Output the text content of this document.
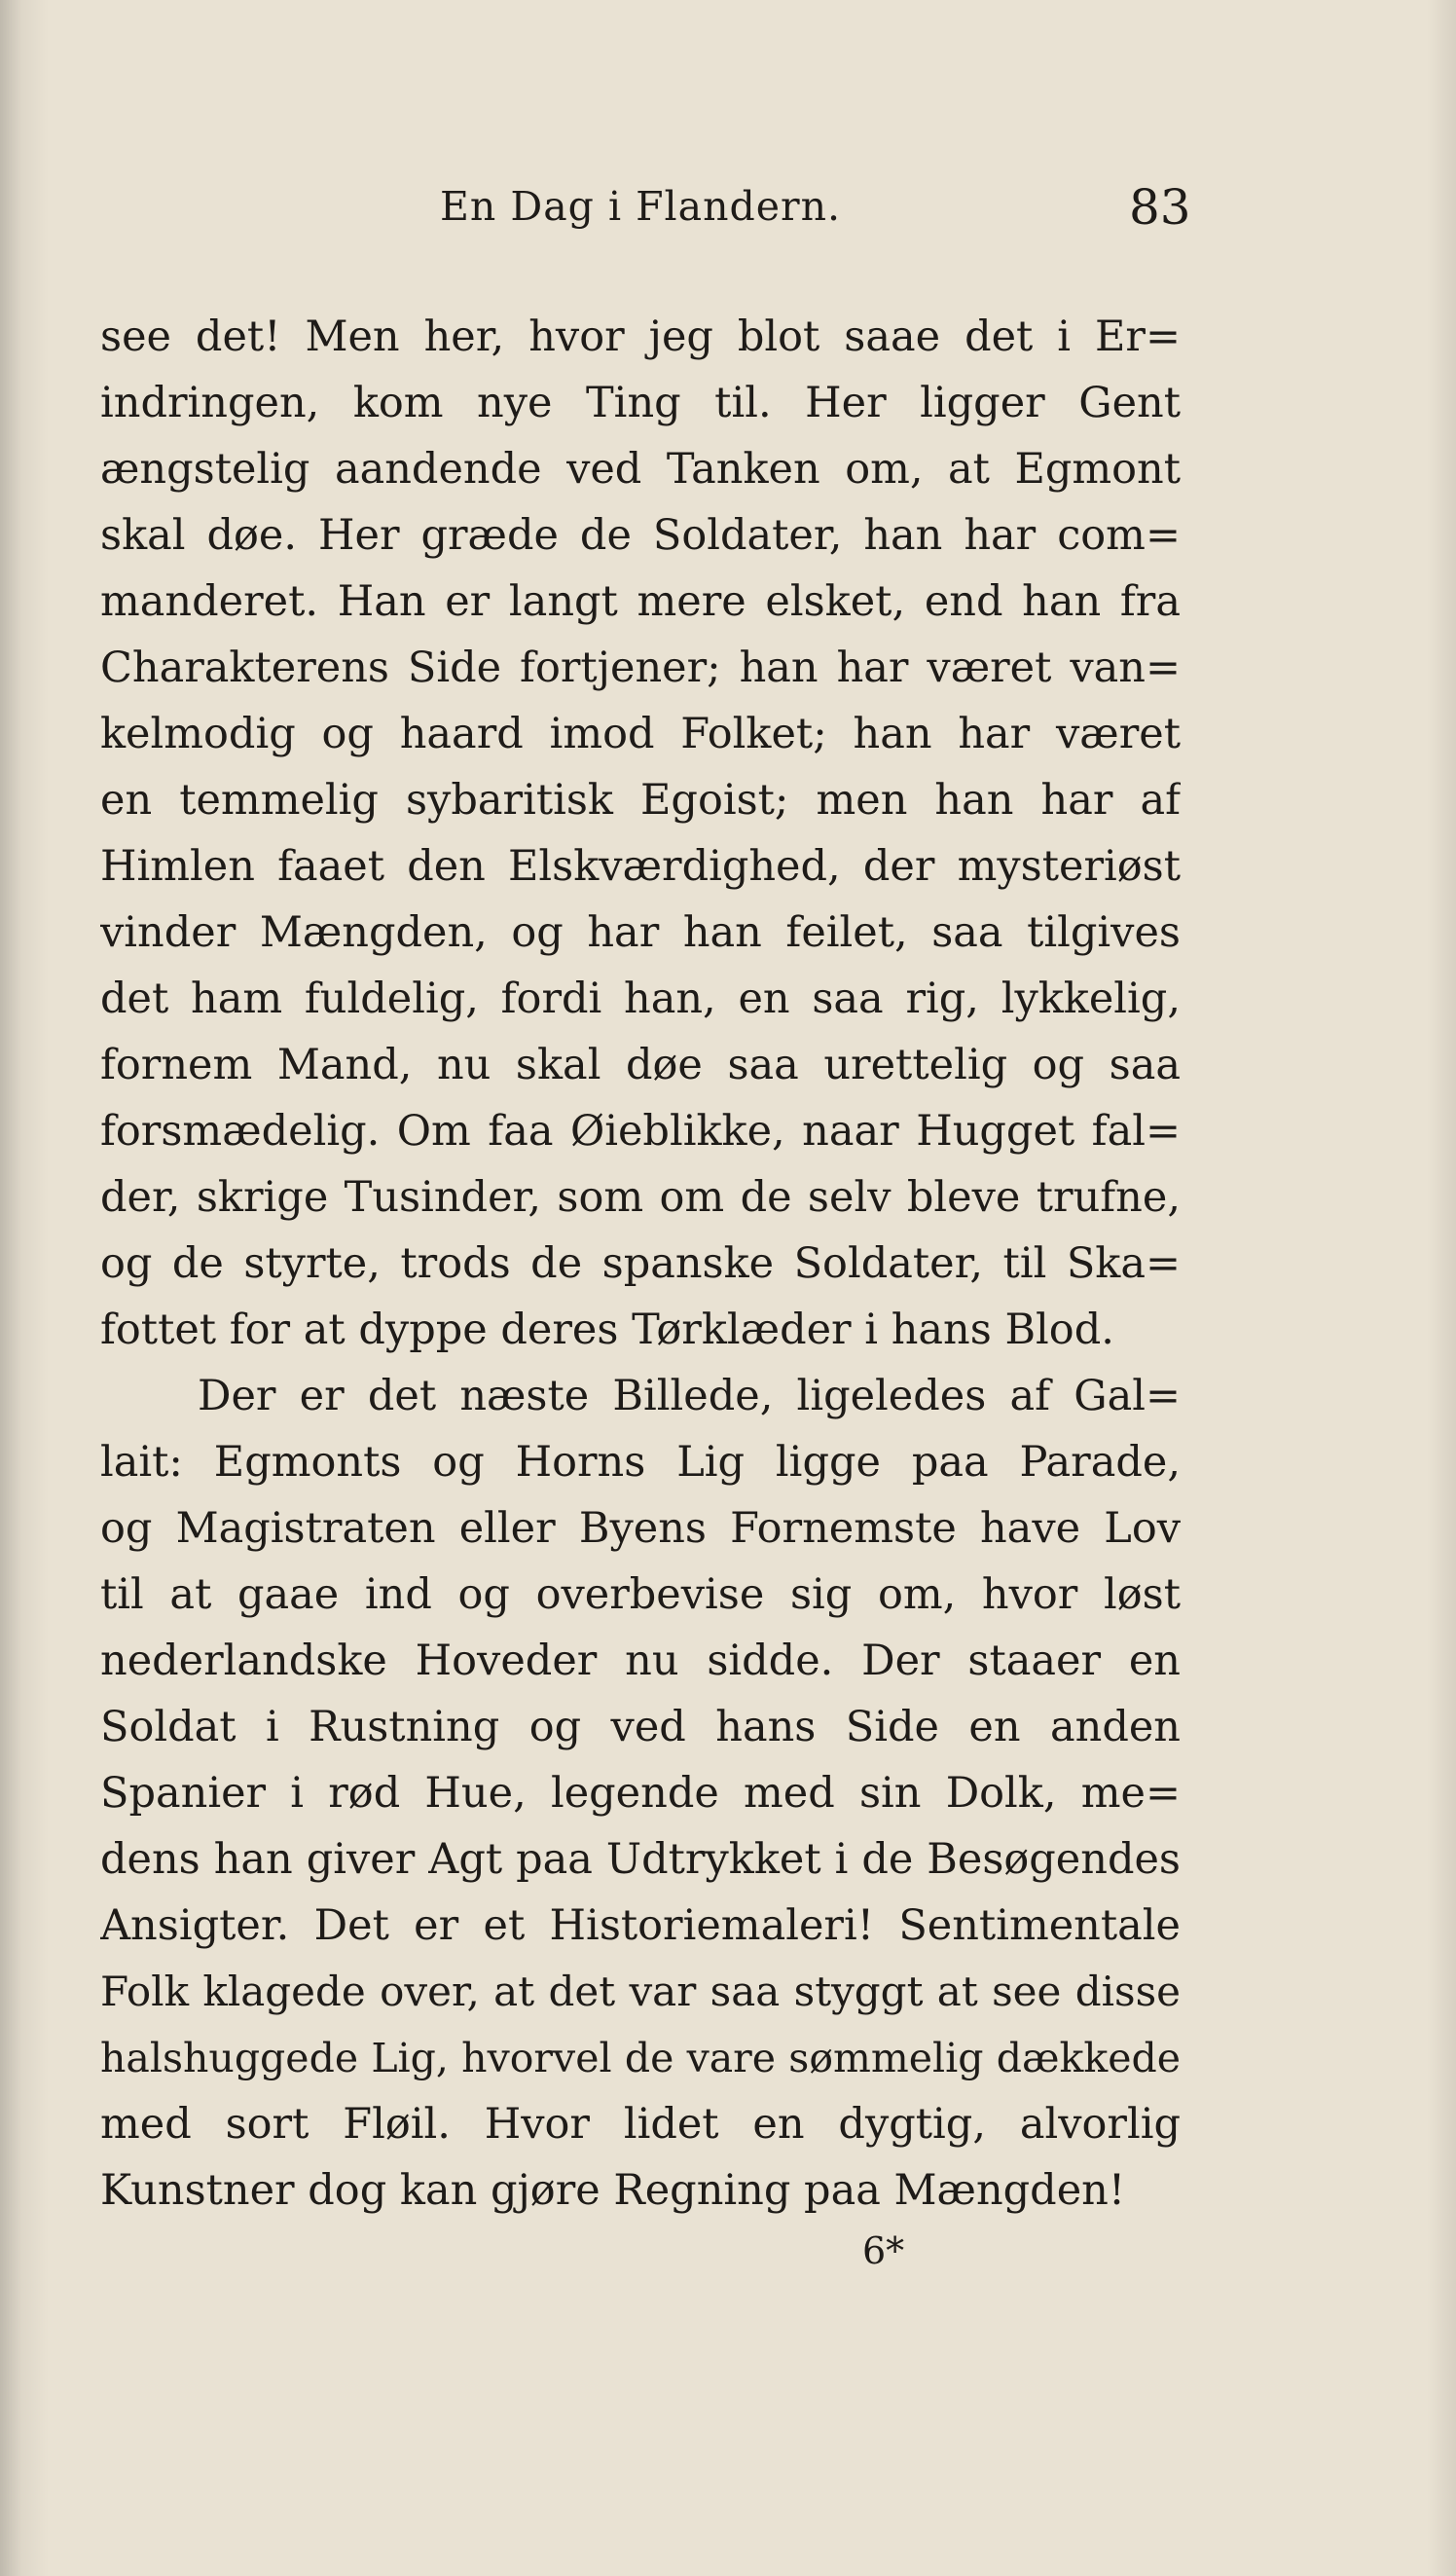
En Dag i Flandern.	83
see det! Men her, hvor jeg blot saae det i Er=
indringen, kom nye Ting til. Her ligger Gent
ængstelig aandende ved Tanken om, at Egmont
skal døe. Her græde de Soldater, han har com=
manderet. Han er langt mere elsket, end han fra
Charakterens Side fortjener; han har været van=
kelmodig og haard imod Folket; han har været
en temmelig sybaritisk Egoist; men han har af
Himlen faaet den Elskværdighed, der mysteriøst
vinder Mængden, og har han feilet, saa tilgives
det ham fuldelig, fordi han, en saa rig, lykkelig,
fornem Mand, nu skal døe saa urettelig og saa
forsmædelig. Om faa Øieblikke, naar Hugget fal=
der, skrige Tusinder, som om de selv bleve trufne,
og de styrte, trods de spanske Soldater, til Ska=
fottet for at dyppe deres Tørklæder i hans Blod.
Der er det næste Billede, ligeledes af Gal=
lait: Egmonts og Horns Lig ligge paa Parade,
og Magistraten eller Byens Fornemste have Lov
til at gaae ind og overbevise sig om, hvor løst
nederlandske Hoveder nu sidde. Der staaer en
Soldat i Rustning og ved hans Side en anden
Spanier i rød Hue, legende med sin Dolk, me=
dens han giver Agt paa Udtrykket i de Besøgendes
Ansigter. Det er et Historiemaleri! Sentimentale
Folk klagede over, at det var saa styggt at see disse
halshuggede Lig, hvorvel de vare sømmelig dækkede
med sort Fløil. Hvor lidet en dygtig, alvorlig
Kunstner dog kan gjøre Regning paa Mængden!
6*
